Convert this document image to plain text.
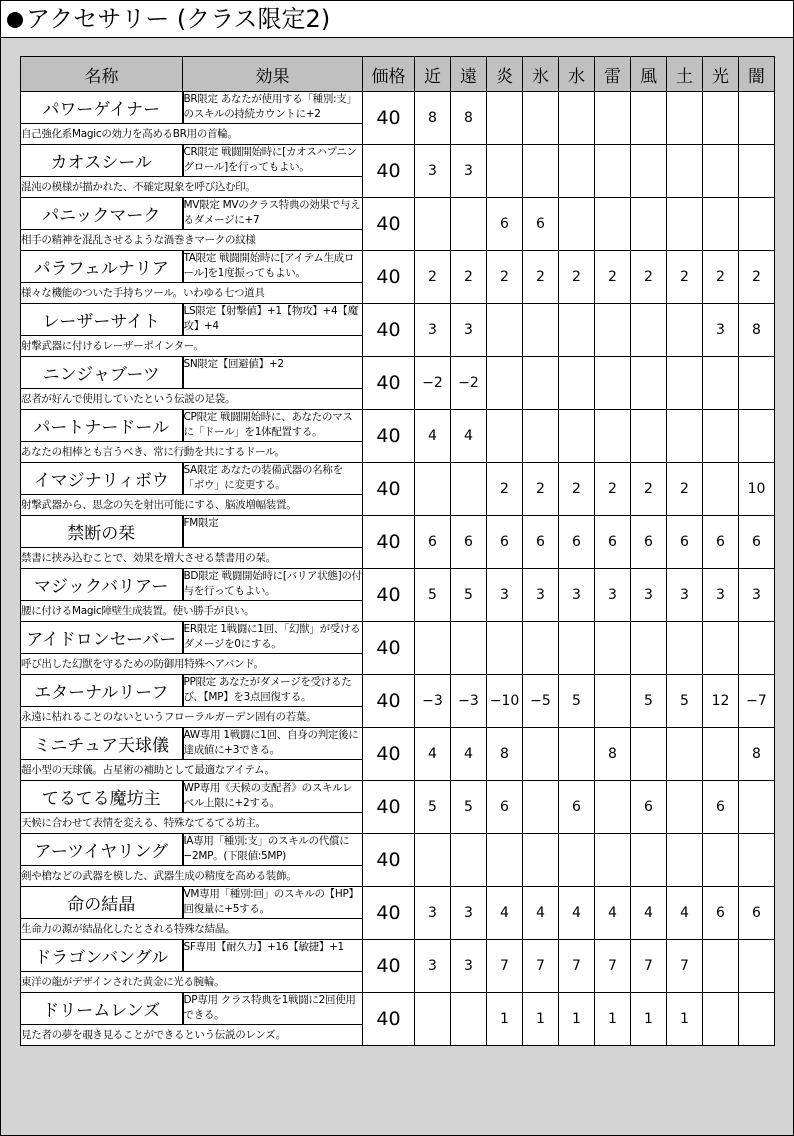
アクセサリー (クラス限定2)
名称	効果	価格	近	遠	炎	氷	水	雷	風	土	光	闇
パワーゲイナー	BR限定 あなたが使用する「種別:支」のスキルの持続カウントに+2	40	8	8								
自己強化系Magicの効力を高めるBR用の首輪。												
カオスシール	CR限定 戦闘開始時に[カオスハプニングロール]を行ってもよい。	40	3	3								
混沌の模様が描かれた、不確定現象を呼び込む印。												
パニックマーク	MV限定 MVのクラス特典の効果で与えるダメージに+7	40			6	6						
相手の精神を混乱させるような渦巻きマークの紋様												
パラフェルナリア	TA限定 戦闘開始時に[アイテム生成ロール]を1度振ってもよい。	40	2	2	2	2	2	2	2	2	2	2
様々な機能のついた手持ちツール。いわゆる七つ道具												
レーザーサイト	LS限定【射撃値】+1【物攻】+4【魔攻】+4	40	3	3							3	8
射撃武器に付けるレーザーポインター。												
ニンジャブーツ	SN限定【回避値】+2	40	−2	−2								
忍者が好んで使用していたという伝説の足袋。												
パートナードール	CP限定 戦闘開始時に、あなたのマスに「ドール」を1体配置する。	40	4	4								
あなたの相棒とも言うべき、常に行動を共にするドール。												
イマジナリィボウ	SA限定 あなたの装備武器の名称を「ボウ」に変更する。	40			2	2	2	2	2	2		10
射撃武器から、思念の矢を射出可能にする、脳波増幅装置。												
禁断の栞	FM限定	40	6	6	6	6	6	6	6	6	6	6
禁書に挟み込むことで、効果を増大させる禁書用の栞。												
マジックバリアー	BD限定 戦闘開始時に[バリア状態]の付与を行ってもよい。	40	5	5	3	3	3	3	3	3	3	3
腰に付けるMagic障壁生成装置。使い勝手が良い。												
アイドロンセーバー	ER限定 1戦闘に1回、「幻獣」が受けるダメージを0にする。	40										
呼び出した幻獣を守るための防御用特殊ヘアバンド。												
エターナルリーフ	PP限定 あなたがダメージを受けるたび、【MP】を3点回復する。	40	−3	−3	−10	−5	5		5	5	12	−7
永遠に枯れることのないというフローラルガーデン固有の若葉。												
ミニチュア天球儀	AW専用 1戦闘に1回、自身の判定後に達成値に+3できる。	40	4	4	8			8				8
超小型の天球儀。占星術の補助として最適なアイテム。												
てるてる魔坊主	WP専用《天候の支配者》のスキルレベル上限に+2する。	40	5	5	6		6		6		6	
天候に合わせて表情を変える、特殊なてるてる坊主。												
アーツイヤリング	IA専用「種別:支」のスキルの代償に−2MP。(下限値:5MP)	40										
剣や槍などの武器を模した、武器生成の精度を高める装飾。												
命の結晶	VM専用「種別:回」のスキルの【HP】回復量に+5する。	40	3	3	4	4	4	4	4	4	6	6
生命力の源が結晶化したとされる特殊な結晶。												
ドラゴンバングル	SF専用【耐久力】+16【敏捷】+1	40	3	3	7	7	7	7	7	7		
東洋の龍がデザインされた黄金に光る腕輪。												
ドリームレンズ	DP専用 クラス特典を1戦闘に2回使用できる。	40			1	1	1	1	1	1		
見た者の夢を覗き見ることができるという伝説のレンズ。												
